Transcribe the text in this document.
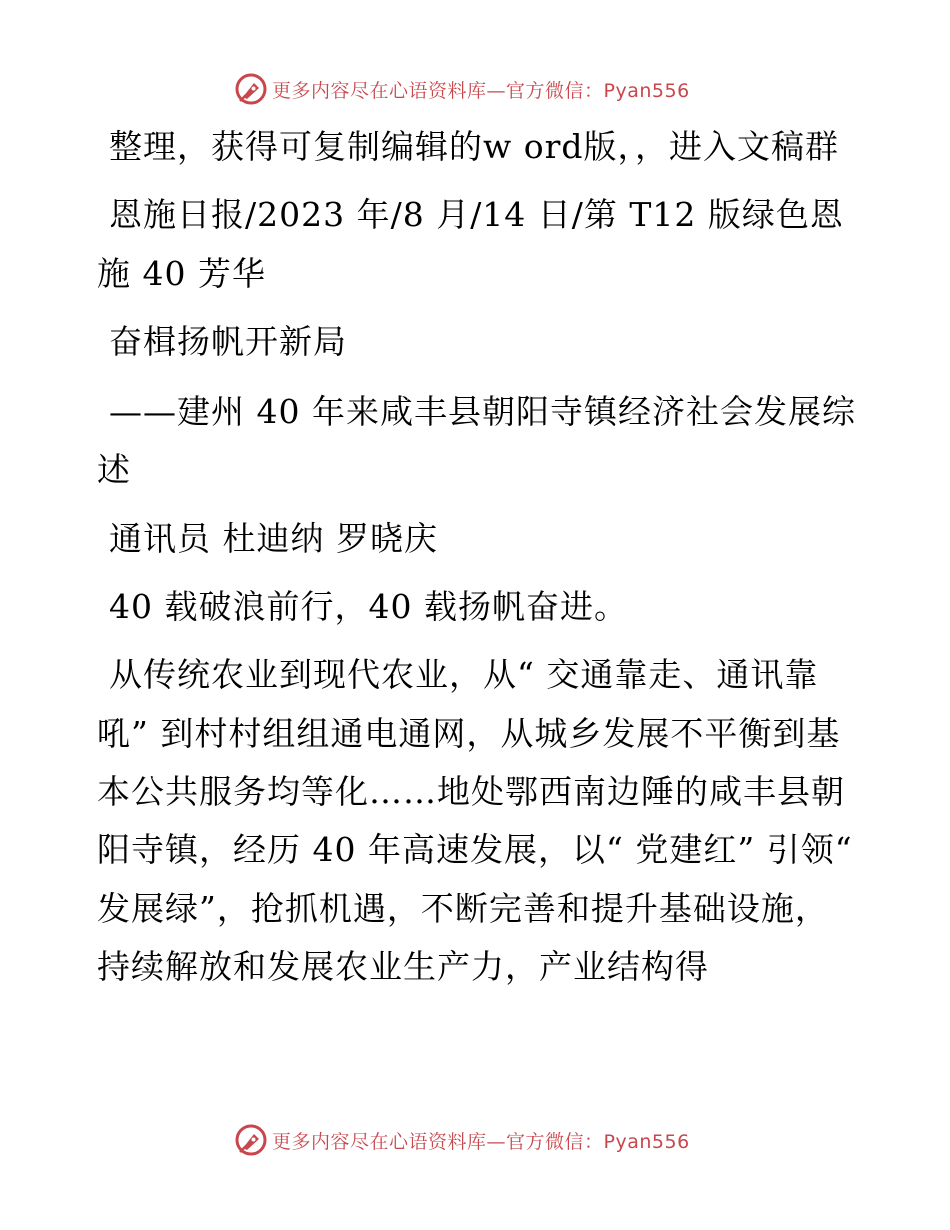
更多内容尽在心语资料库—官方微信：Pyan556

整理，获得可复制编辑的w ord版，，进入文稿群

恩施日报/2023 年/8 月/14 日/第 T12 版绿色恩施 40 芳华

奋楫扬帆开新局

——建州 40 年来咸丰县朝阳寺镇经济社会发展综述

通讯员 杜迪纳 罗晓庆

40 载破浪前行，40 载扬帆奋进。

从传统农业到现代农业，从“ 交通靠走、通讯靠吼” 到村村组组通电通网，从城乡发展不平衡到基本公共服务均等化……地处鄂西南边陲的咸丰县朝阳寺镇，经历 40 年高速发展，以“ 党建红” 引领“ 发展绿”，抢抓机遇，不断完善和提升基础设施，持续解放和发展农业生产力，产业结构得

更多内容尽在心语资料库—官方微信：Pyan556
